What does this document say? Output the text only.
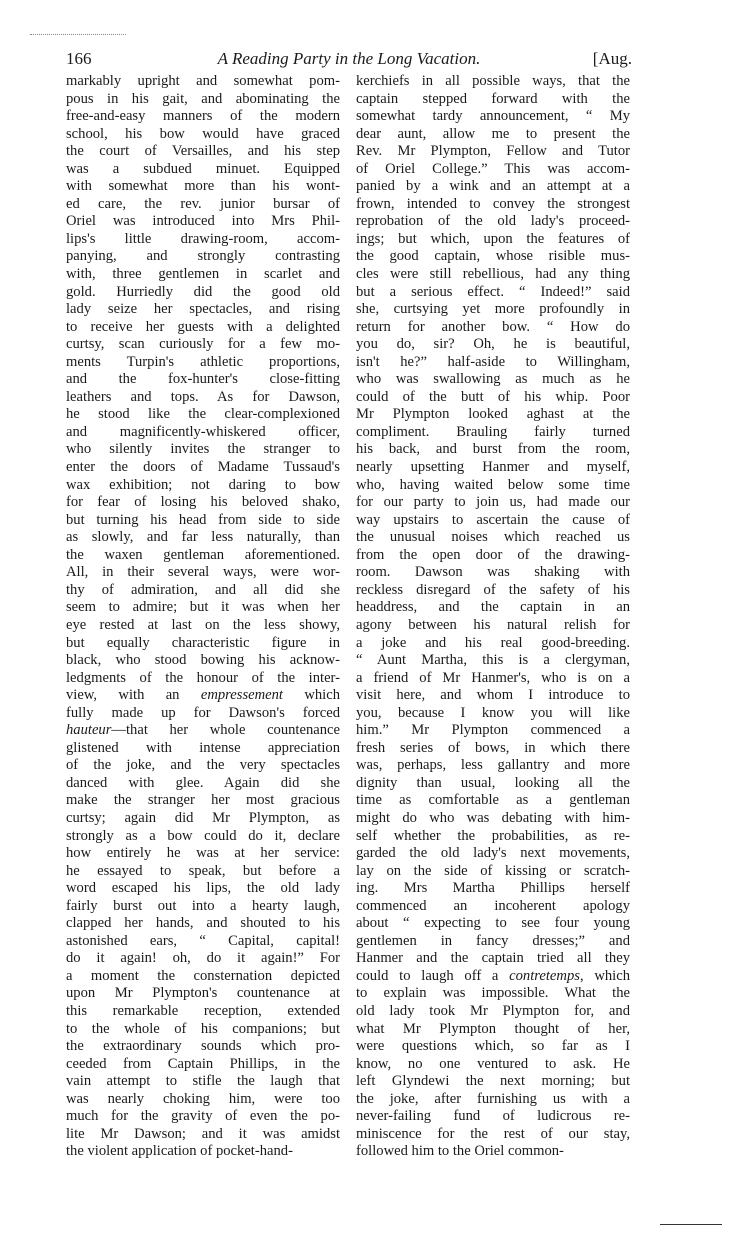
166	A Reading Party in the Long Vacation.	[Aug.
markably upright and somewhat pom-
pous in his gait, and abominating the
free-and-easy manners of the modern
school, his bow would have graced
the court of Versailles, and his step
was a subdued minuet. Equipped
with somewhat more than his wont-
ed care, the rev. junior bursar of
Oriel was introduced into Mrs Phil-
lips's little drawing-room, accom-
panying, and strongly contrasting
with, three gentlemen in scarlet and
gold. Hurriedly did the good old
lady seize her spectacles, and rising
to receive her guests with a delighted
curtsy, scan curiously for a few mo-
ments Turpin's athletic proportions,
and the fox-hunter's close-fitting
leathers and tops. As for Dawson,
he stood like the clear-complexioned
and magnificently-whiskered officer,
who silently invites the stranger to
enter the doors of Madame Tussaud's
wax exhibition; not daring to bow
for fear of losing his beloved shako,
but turning his head from side to side
as slowly, and far less naturally, than
the waxen gentleman aforementioned.
All, in their several ways, were wor-
thy of admiration, and all did she
seem to admire; but it was when her
eye rested at last on the less showy,
but equally characteristic figure in
black, who stood bowing his acknow-
ledgments of the honour of the inter-
view, with an empressement which
fully made up for Dawson's forced
hauteur—that her whole countenance
glistened with intense appreciation
of the joke, and the very spectacles
danced with glee. Again did she
make the stranger her most gracious
curtsy; again did Mr Plympton, as
strongly as a bow could do it, declare
how entirely he was at her service:
he essayed to speak, but before a
word escaped his lips, the old lady
fairly burst out into a hearty laugh,
clapped her hands, and shouted to his
astonished ears, “ Capital, capital!
do it again! oh, do it again!” For
a moment the consternation depicted
upon Mr Plympton's countenance at
this remarkable reception, extended
to the whole of his companions; but
the extraordinary sounds which pro-
ceeded from Captain Phillips, in the
vain attempt to stifle the laugh that
was nearly choking him, were too
much for the gravity of even the po-
lite Mr Dawson; and it was amidst
the violent application of pocket-hand-
kerchiefs in all possible ways, that the
captain stepped forward with the
somewhat tardy announcement, “ My
dear aunt, allow me to present the
Rev. Mr Plympton, Fellow and Tutor
of Oriel College.” This was accom-
panied by a wink and an attempt at a
frown, intended to convey the strongest
reprobation of the old lady's proceed-
ings; but which, upon the features of
the good captain, whose risible mus-
cles were still rebellious, had any thing
but a serious effect. “ Indeed!” said
she, curtsying yet more profoundly in
return for another bow. “ How do
you do, sir? Oh, he is beautiful,
isn't he?” half-aside to Willingham,
who was swallowing as much as he
could of the butt of his whip. Poor
Mr Plympton looked aghast at the
compliment. Brauling fairly turned
his back, and burst from the room,
nearly upsetting Hanmer and myself,
who, having waited below some time
for our party to join us, had made our
way upstairs to ascertain the cause of
the unusual noises which reached us
from the open door of the drawing-
room. Dawson was shaking with
reckless disregard of the safety of his
headdress, and the captain in an
agony between his natural relish for
a joke and his real good-breeding.
“ Aunt Martha, this is a clergyman,
a friend of Mr Hanmer's, who is on a
visit here, and whom I introduce to
you, because I know you will like
him.” Mr Plympton commenced a
fresh series of bows, in which there
was, perhaps, less gallantry and more
dignity than usual, looking all the
time as comfortable as a gentleman
might do who was debating with him-
self whether the probabilities, as re-
garded the old lady's next movements,
lay on the side of kissing or scratch-
ing. Mrs Martha Phillips herself
commenced an incoherent apology
about “ expecting to see four young
gentlemen in fancy dresses;” and
Hanmer and the captain tried all they
could to laugh off a contretemps, which
to explain was impossible. What the
old lady took Mr Plympton for, and
what Mr Plympton thought of her,
were questions which, so far as I
know, no one ventured to ask. He
left Glyndewi the next morning; but
the joke, after furnishing us with a
never-failing fund of ludicrous re-
miniscence for the rest of our stay,
followed him to the Oriel common-
